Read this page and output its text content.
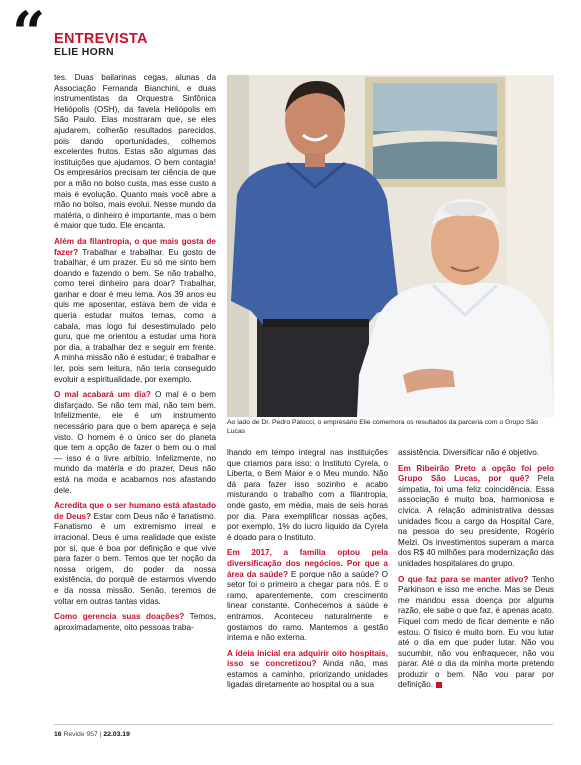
“ ENTREVISTA
ELIE HORN

tes. Duas bailarinas cegas, alunas da Associação Fernanda Bianchini, e duas instrumentistas da Orquestra Sinfônica Heliópolis (OSH), da favela Heliópolis em São Paulo. Elas mostraram que, se eles ajudarem, colherão resultados parecidos, pois dando oportunidades, colhemos excelentes frutos. Estas são algumas das instituições que ajudamos. O bem contagia! Os empresários precisam ter ciência de que por a mão no bolso custa, mas esse custo a mais é evolução. Quanto mais você abre a mão no bolso, mais evolui. Nesse mundo da matéria, o dinheiro é importante, mas o bem é maior que tudo. Ele encanta.

Além da filantropia, o que mais gosta de fazer? Trabalhar e trabalhar. Eu gosto de trabalhar, é um prazer. Eu só me sinto bem doando e fazendo o bem. Se não trabalho, como terei dinheiro para doar? Trabalhar, ganhar e doar é meu lema. Aos 39 anos eu quis me aposentar, estava bem de vida e queria estudar muitos temas, como a cabala, mas logo fui desestimulado pelo guru, que me orientou a estudar uma hora por dia, a trabalhar dez e seguir em frente. A minha missão não é estudar; é trabalhar e ler, pois sem leitura, não teria conseguido evoluir a espiritualidade, por exemplo.

O mal acabará um dia? O mal é o bem disfarçado. Se não tem mal, não tem bem. Infelizmente, ele é um instrumento necessário para que o bem apareça e seja visto. O homem é o único ser do planeta que tem a opção de fazer o bem ou o mal — isso é o livre arbítrio. Infelizmente, no mundo da matéria e do prazer, Deus não está na moda e acabamos nos afastando dele.

Acredita que o ser humano está afastado de Deus? Estar com Deus não é fanatismo. Fanatismo é um extremismo irreal e irracional. Deus é uma realidade que existe por si, que é boa por definição e que vive para fazer o bem. Temos que ter noção da nossa origem, do poder da nossa existência, do porquê de estarmos vivendo e da nossa missão. Senão, teremos de voltar em outras tantas vidas.

Como gerencia suas doações? Temos, aproximadamente, oito pessoas traba-

Ao lado de Dr. Pedro Palocci, o empresário Elie comemora os resultados da parceria com o Grupo São Lucas

lhando em tempo integral nas instituições que criamos para isso: o Instituto Cyrela, o Liberta, o Bem Maior e o Meu mundo. Não dá para fazer isso sozinho e acabo misturando o trabalho com a filantropia, onde gasto, em média, mais de seis horas por dia. Para exemplificar nossas ações, por exemplo, 1% do lucro líquido da Cyrela é doado para o Instituto.

Em 2017, a família optou pela diversificação dos negócios. Por que a área da saúde? E porque não a saúde? O setor foi o primeiro a chegar para nós. É o ramo, aparentemente, com crescimento linear constante. Conhecemos a saúde e entramos. Aconteceu naturalmente e gostamos do ramo. Mantemos a gestão interna e não externa.

A ideia inicial era adquirir oito hospitais, isso se concretizou? Ainda não, mas estamos a caminho, priorizando unidades ligadas diretamente ao hospital ou a sua

assistência. Diversificar não é objetivo.

Em Ribeirão Preto a opção foi pelo Grupo São Lucas, por quê? Pela simpatia, foi uma feliz coincidência. Essa associação é muito boa, harmoniosa e cívica. A relação administrativa dessas unidades ficou a cargo da Hospital Care, na pessoa do seu presidente, Rogério Melzi. Os investimentos superam a marca dos R$ 40 milhões para modernização das unidades hospitalares do grupo.

O que faz para se manter ativo? Tenho Parkinson e isso me enche. Mas se Deus me mandou essa doença por alguma razão, ele sabe o que faz, é apenas acato. Fiquei com medo de ficar demente e não estou. O físico é muito bom. Eu vou lutar até o dia em que puder lutar. Não vou sucumbir, não vou enfraquecer, não vou parar. Até o dia da minha morte pretendo produzir o bem. Não vou parar por definição.

16 Revide 957 | 22.03.19
